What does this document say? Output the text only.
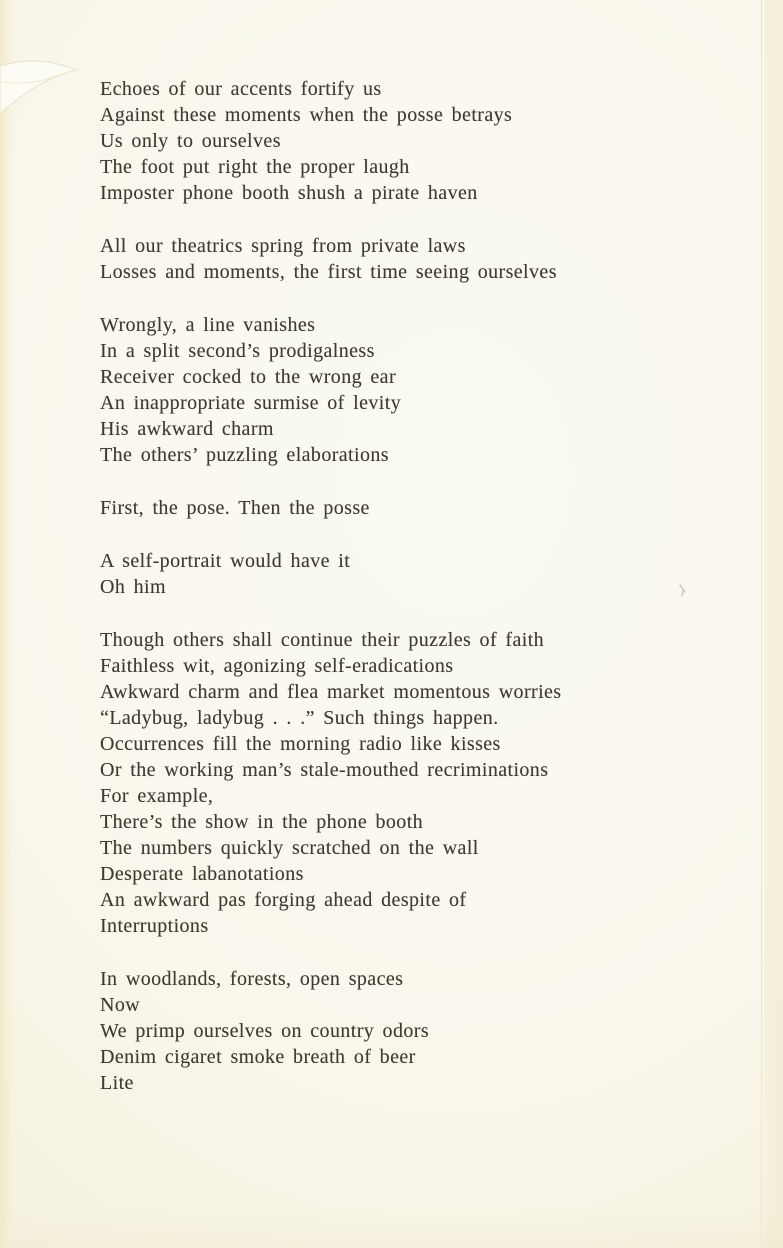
Echoes of our accents fortify us

Against these moments when the posse betrays

Us only to ourselves

The foot put right the proper laugh

Imposter phone booth shush a pirate haven

All our theatrics spring from private laws

Losses and moments, the first time seeing ourselves

Wrongly, a line vanishes

In a split second’s prodigalness

Receiver cocked to the wrong ear

An inappropriate surmise of levity

His awkward charm

The others’ puzzling elaborations

First, the pose. Then the posse

A self-portrait would have it

Oh him

Though others shall continue their puzzles of faith

Faithless wit, agonizing self-eradications

Awkward charm and flea market momentous worries

“Ladybug, ladybug . . .” Such things happen.

Occurrences fill the morning radio like kisses

Or the working man’s stale-mouthed recriminations

For example,

There’s the show in the phone booth

The numbers quickly scratched on the wall

Desperate labanotations

An awkward pas forging ahead despite of

Interruptions

In woodlands, forests, open spaces

Now

We primp ourselves on country odors

Denim cigaret smoke breath of beer

Lite
